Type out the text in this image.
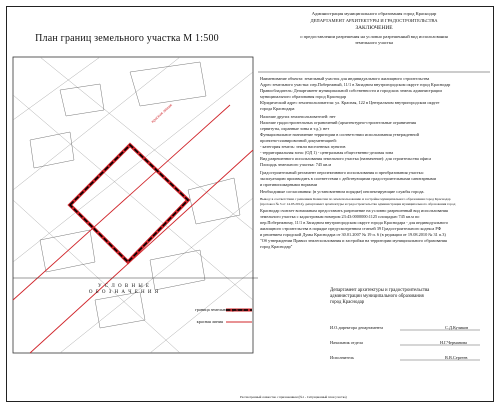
Администрация муниципального образования город Краснодар
ДЕПАРТАМЕНТ АРХИТЕКТУРЫ И ГРАДОСТРОИТЕЛЬСТВА
ЗАКЛЮЧЕНИЕ
о предоставлении разрешения на условно разрешенный вид использования
земельного участка
План границ земельного участка М 1:500
красная линия
Наименование объекта: земельный участок для индивидуального жилищного строительства
Адрес земельного участка: пер.Побережный, 11/1 в Западном внутригородском округе город Краснодар
Правообладатель: Департамент муниципальной собственности и городских земель администрации
муниципального образования город Краснодар
Юридический адрес землепользователя: ул. Красная, 122 в Центральном внутригородском округе
города Краснодара
Наличие других землепользователей: нет
Наличие градостроительных ограничений (архитектурно-строительные ограничения
сервитуты, охранные зоны и т.д.): нет
Функциональное назначение территории в соответствии использования утвержденной
проектно-планировочной документацией:
- категория земель: земли населенных пунктов
- территориальная зона: (ОД 1) - центральная общественно-деловая зона
Вид разрешенного использования земельного участка (назначение): для строительства офиса
Площадь земельного участка: 745 кв.м
Градостроительный регламент перспективного использования и преобразования участка:
эксплуатацию производить в соответствии с действующими градостроительными санитарными
и противопожарными нормами
Необходимые согласования: (в установленном порядке) инспектирующие службы города.
Вывод: в соответствии с решением Комиссии по землепользованию и застройке муниципального образования город Краснодар
(протокол № 3 от 14.03.2012), департамент архитектуры и градостроительства администрации муниципального образования город
Краснодар считает возможным предоставить разрешение на условно разрешенный вид использования
земельного участка с кадастровым номером 23:43:0000000:1125 площадью 745 кв.м по
пер.Побережному, 11/1 в Западном внутригородском округе города Краснодара - для индивидуального
жилищного строительства в порядке предусмотренном статьей 39 Градостроительного кодекса РФ
и решением городской Думы Краснодара от 30.01.2007 № 19 п. 6 (в редакции от 19.08.2010 № 31 п.3)
"Об утверждении Правил землепользования и застройки на территории муниципального образования
город Краснодар"
У С Л О В Н Ы Е
О Б О З Н А Ч Е Н И Я
граница земельного участка
красная линия
Департамент архитектуры и градостроительства
администрации муниципального образования
город Краснодар
И.О.директора департамента	С.Д.Кучиков
Начальник отдела	Н.Г.Черманова
Исполнитель	В.В.Сергеев
Рассмотренный совместно с приложением (№1 - Ситуационный план участка)
